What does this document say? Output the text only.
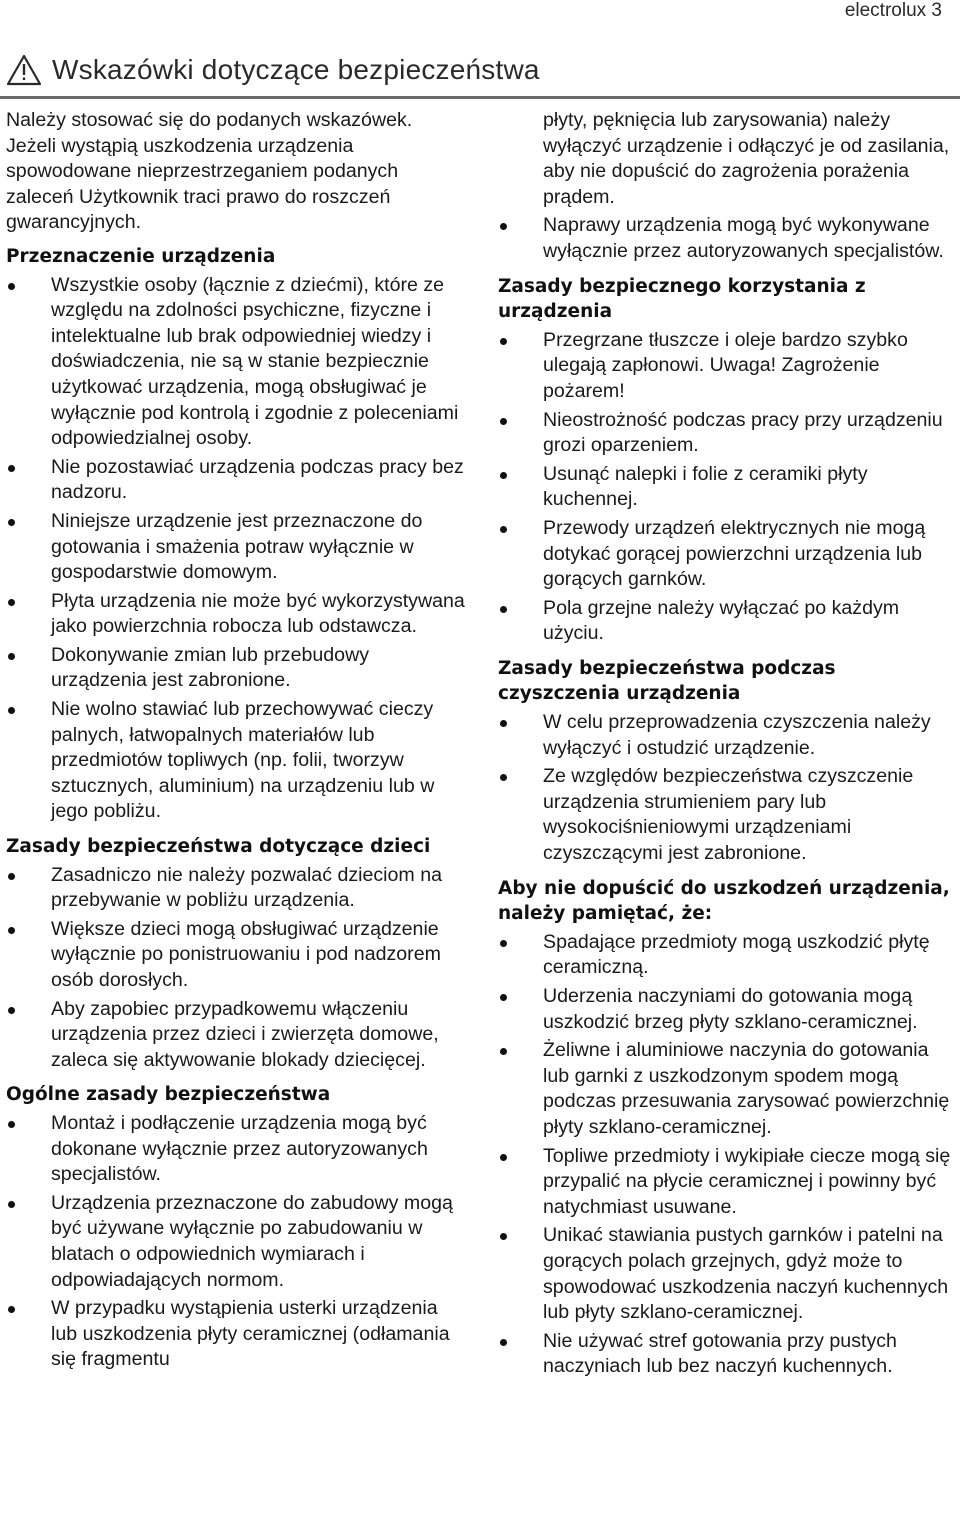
electrolux 3
Wskazówki dotyczące bezpieczeństwa

Należy stosować się do podanych wskazówek. Jeżeli wystąpią uszkodzenia urządzenia spowodowane nieprzestrzeganiem podanych zaleceń Użytkownik traci prawo do roszczeń gwarancyjnych.

Przeznaczenie urządzenia
Wszystkie osoby (łącznie z dziećmi), które ze względu na zdolności psychiczne, fizyczne i intelektualne lub brak odpowiedniej wiedzy i doświadczenia, nie są w stanie bezpiecznie użytkować urządzenia, mogą obsługiwać je wyłącznie pod kontrolą i zgodnie z poleceniami odpowiedzialnej osoby.
Nie pozostawiać urządzenia podczas pracy bez nadzoru.
Niniejsze urządzenie jest przeznaczone do gotowania i smażenia potraw wyłącznie w gospodarstwie domowym.
Płyta urządzenia nie może być wykorzystywana jako powierzchnia robocza lub odstawcza.
Dokonywanie zmian lub przebudowy urządzenia jest zabronione.
Nie wolno stawiać lub przechowywać cieczy palnych, łatwopalnych materiałów lub przedmiotów topliwych (np. folii, tworzyw sztucznych, aluminium) na urządzeniu lub w jego pobliżu.
Zasady bezpieczeństwa dotyczące dzieci
Zasadniczo nie należy pozwalać dzieciom na przebywanie w pobliżu urządzenia.
Większe dzieci mogą obsługiwać urządzenie wyłącznie po ponistruowaniu i pod nadzorem osób dorosłych.
Aby zapobiec przypadkowemu włączeniu urządzenia przez dzieci i zwierzęta domowe, zaleca się aktywowanie blokady dziecięcej.
Ogólne zasady bezpieczeństwa
Montaż i podłączenie urządzenia mogą być dokonane wyłącznie przez autoryzowanych specjalistów.
Urządzenia przeznaczone do zabudowy mogą być używane wyłącznie po zabudowaniu w blatach o odpowiednich wymiarach i odpowiadających normom.
W przypadku wystąpienia usterki urządzenia lub uszkodzenia płyty ceramicznej (odłamania się fragmentu

płyty, pęknięcia lub zarysowania) należy wyłączyć urządzenie i odłączyć je od zasilania, aby nie dopuścić do zagrożenia porażenia prądem.

Naprawy urządzenia mogą być wykonywane wyłącznie przez autoryzowanych specjalistów.
Zasady bezpiecznego korzystania z urządzenia
Przegrzane tłuszcze i oleje bardzo szybko ulegają zapłonowi. Uwaga! Zagrożenie pożarem!
Nieostrożność podczas pracy przy urządzeniu grozi oparzeniem.
Usunąć nalepki i folie z ceramiki płyty kuchennej.
Przewody urządzeń elektrycznych nie mogą dotykać gorącej powierzchni urządzenia lub gorących garnków.
Pola grzejne należy wyłączać po każdym użyciu.
Zasady bezpieczeństwa podczas czyszczenia urządzenia
W celu przeprowadzenia czyszczenia należy wyłączyć i ostudzić urządzenie.
Ze względów bezpieczeństwa czyszczenie urządzenia strumieniem pary lub wysokociśnieniowymi urządzeniami czyszczącymi jest zabronione.
Aby nie dopuścić do uszkodzeń urządzenia, należy pamiętać, że:
Spadające przedmioty mogą uszkodzić płytę ceramiczną.
Uderzenia naczyniami do gotowania mogą uszkodzić brzeg płyty szklano-ceramicznej.
Żeliwne i aluminiowe naczynia do gotowania lub garnki z uszkodzonym spodem mogą podczas przesuwania zarysować powierzchnię płyty szklano-ceramicznej.
Topliwe przedmioty i wykipiałe ciecze mogą się przypalić na płycie ceramicznej i powinny być natychmiast usuwane.
Unikać stawiania pustych garnków i patelni na gorących polach grzejnych, gdyż może to spowodować uszkodzenia naczyń kuchennych lub płyty szklano-ceramicznej.
Nie używać stref gotowania przy pustych naczyniach lub bez naczyń kuchennych.
